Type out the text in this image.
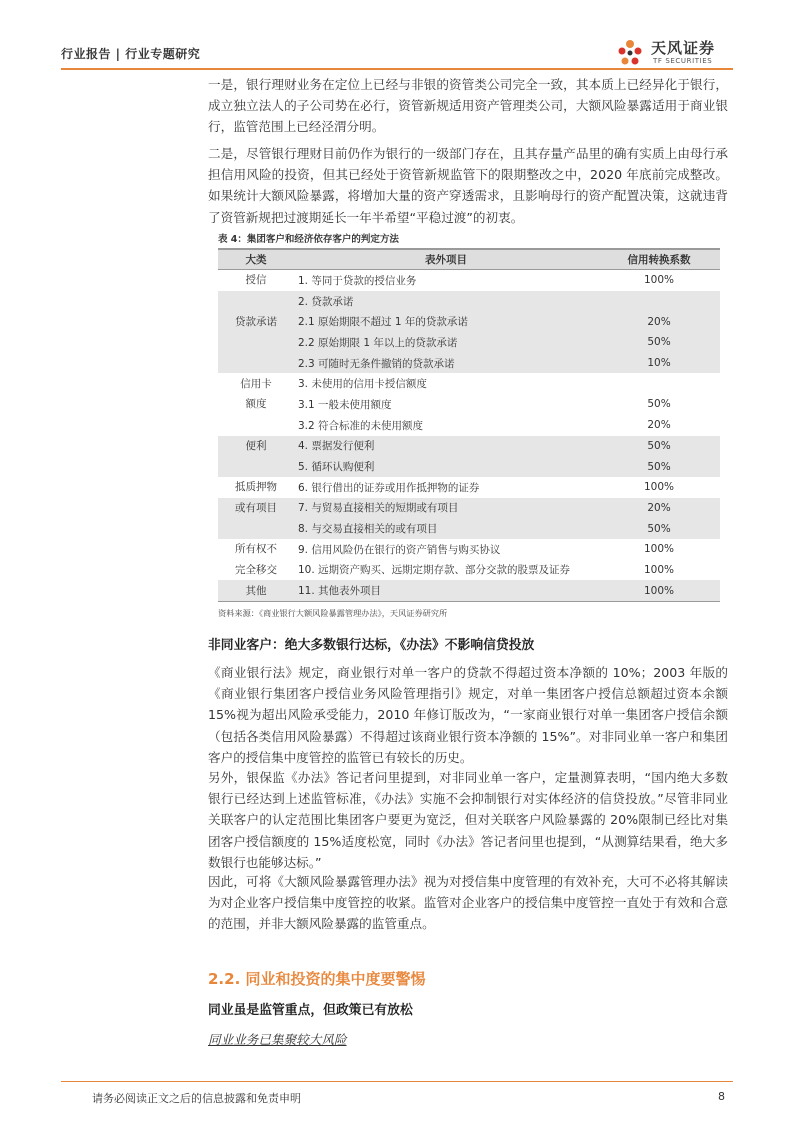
行业报告 | 行业专题研究	天风证券
TF SECURITIES

一是，银行理财业务在定位上已经与非银的资管类公司完全一致，其本质上已经异化于银行，成立独立法人的子公司势在必行，资管新规适用资产管理类公司，大额风险暴露适用于商业银行，监管范围上已经泾渭分明。

二是，尽管银行理财目前仍作为银行的一级部门存在，且其存量产品里的确有实质上由母行承担信用风险的投资，但其已经处于资管新规监管下的限期整改之中，2020 年底前完成整改。如果统计大额风险暴露，将增加大量的资产穿透需求，且影响母行的资产配置决策，这就违背了资管新规把过渡期延长一年半希望“平稳过渡”的初衷。

表 4：集团客户和经济依存客户的判定方法
大类	表外项目	信用转换系数
授信	1. 等同于贷款的授信业务	100%
	2. 贷款承诺	
贷款承诺	2.1 原始期限不超过 1 年的贷款承诺	20%
	2.2 原始期限 1 年以上的贷款承诺	50%
	2.3 可随时无条件撤销的贷款承诺	10%
信用卡	3. 未使用的信用卡授信额度	
额度	3.1 一般未使用额度	50%
	3.2 符合标准的未使用额度	20%
便利	4. 票据发行便利	50%
	5. 循环认购便利	50%
抵质押物	6. 银行借出的证券或用作抵押物的证券	100%
或有项目	7. 与贸易直接相关的短期或有项目	20%
	8. 与交易直接相关的或有项目	50%
所有权不	9. 信用风险仍在银行的资产销售与购买协议	100%
完全移交	10. 远期资产购买、远期定期存款、部分交款的股票及证券	100%
其他	11. 其他表外项目	100%
资料来源：《商业银行大额风险暴露管理办法》，天风证券研究所
非同业客户：绝大多数银行达标，《办法》不影响信贷投放

《商业银行法》规定，商业银行对单一客户的贷款不得超过资本净额的 10%；2003 年版的《商业银行集团客户授信业务风险管理指引》规定，对单一集团客户授信总额超过资本余额 15%视为超出风险承受能力，2010 年修订版改为，“一家商业银行对单一集团客户授信余额（包括各类信用风险暴露）不得超过该商业银行资本净额的 15%”。对非同业单一客户和集团客户的授信集中度管控的监管已有较长的历史。

另外，银保监《办法》答记者问里提到，对非同业单一客户，定量测算表明，“国内绝大多数银行已经达到上述监管标准，《办法》实施不会抑制银行对实体经济的信贷投放。”尽管非同业关联客户的认定范围比集团客户要更为宽泛，但对关联客户风险暴露的 20%限制已经比对集团客户授信额度的 15%适度松宽，同时《办法》答记者问里也提到，“从测算结果看，绝大多数银行也能够达标。”

因此，可将《大额风险暴露管理办法》视为对授信集中度管理的有效补充，大可不必将其解读为对企业客户授信集中度管控的收紧。监管对企业客户的授信集中度管控一直处于有效和合意的范围，并非大额风险暴露的监管重点。

2.2. 同业和投资的集中度要警惕
同业虽是监管重点，但政策已有放松
同业业务已集聚较大风险
请务必阅读正文之后的信息披露和免责申明	8
